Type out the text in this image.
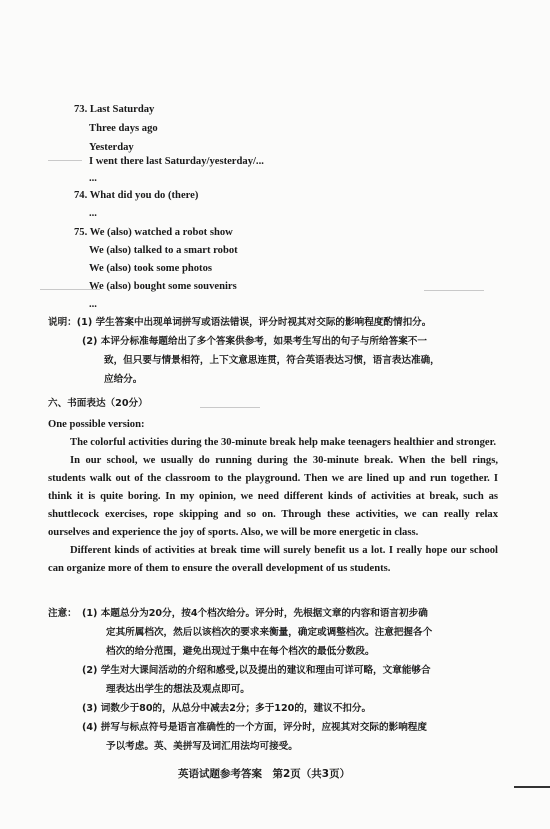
73. Last Saturday
Three days ago
Yesterday
I went there last Saturday/yesterday/...
...
74. What did you do (there)
...
75. We (also) watched a robot show
We (also) talked to a smart robot
We (also) took some photos
We (also) bought some souvenirs
...
说明：(1) 学生答案中出现单词拼写或语法错误，评分时视其对交际的影响程度酌情扣分。
(2) 本评分标准每题给出了多个答案供参考，如果考生写出的句子与所给答案不一
致，但只要与情景相符，上下文意思连贯，符合英语表达习惯，语言表达准确，
应给分。
六、书面表达（20分）
One possible version:

The colorful activities during the 30-minute break help make teenagers healthier and stronger.

In our school, we usually do running during the 30-minute break. When the bell rings, students walk out of the classroom to the playground. Then we are lined up and run together. I think it is quite boring. In my opinion, we need different kinds of activities at break, such as shuttlecock exercises, rope skipping and so on. Through these activities, we can really relax ourselves and experience the joy of sports. Also, we will be more energetic in class.

Different kinds of activities at break time will surely benefit us a lot. I really hope our school can organize more of them to ensure the overall development of us students.

注意： (1) 本题总分为20分，按4个档次给分。评分时，先根据文章的内容和语言初步确
定其所属档次，然后以该档次的要求来衡量，确定或调整档次。注意把握各个
档次的给分范围，避免出现过于集中在每个档次的最低分数段。
(2) 学生对大课间活动的介绍和感受,以及提出的建议和理由可详可略，文章能够合
理表达出学生的想法及观点即可。
(3) 词数少于80的，从总分中减去2分；多于120的，建议不扣分。
(4) 拼写与标点符号是语言准确性的一个方面，评分时，应视其对交际的影响程度
予以考虑。英、美拼写及词汇用法均可接受。
英语试题参考答案　第2页（共3页）
